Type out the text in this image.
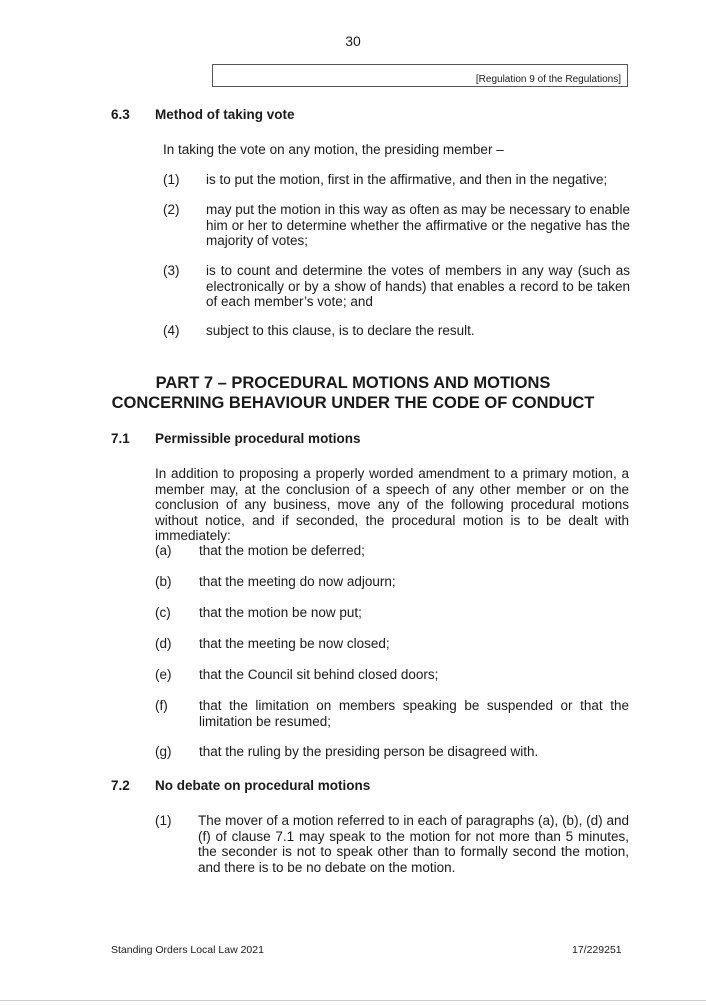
30
[Regulation 9 of the Regulations]
6.3 Method of taking vote
In taking the vote on any motion, the presiding member –
(1) is to put the motion, first in the affirmative, and then in the negative;
(2) may put the motion in this way as often as may be necessary to enable him or her to determine whether the affirmative or the negative has the majority of votes;
(3) is to count and determine the votes of members in any way (such as electronically or by a show of hands) that enables a record to be taken of each member’s vote; and
(4) subject to this clause, is to declare the result.
PART 7 – PROCEDURAL MOTIONS AND MOTIONS
CONCERNING BEHAVIOUR UNDER THE CODE OF CONDUCT
7.1 Permissible procedural motions
In addition to proposing a properly worded amendment to a primary motion, a member may, at the conclusion of a speech of any other member or on the conclusion of any business, move any of the following procedural motions without notice, and if seconded, the procedural motion is to be dealt with immediately:
(a) that the motion be deferred;
(b) that the meeting do now adjourn;
(c) that the motion be now put;
(d) that the meeting be now closed;
(e) that the Council sit behind closed doors;
(f) that the limitation on members speaking be suspended or that the limitation be resumed;
(g) that the ruling by the presiding person be disagreed with.
7.2 No debate on procedural motions
(1) The mover of a motion referred to in each of paragraphs (a), (b), (d) and (f) of clause 7.1 may speak to the motion for not more than 5 minutes, the seconder is not to speak other than to formally second the motion, and there is to be no debate on the motion.
Standing Orders Local Law 2021	17/229251
